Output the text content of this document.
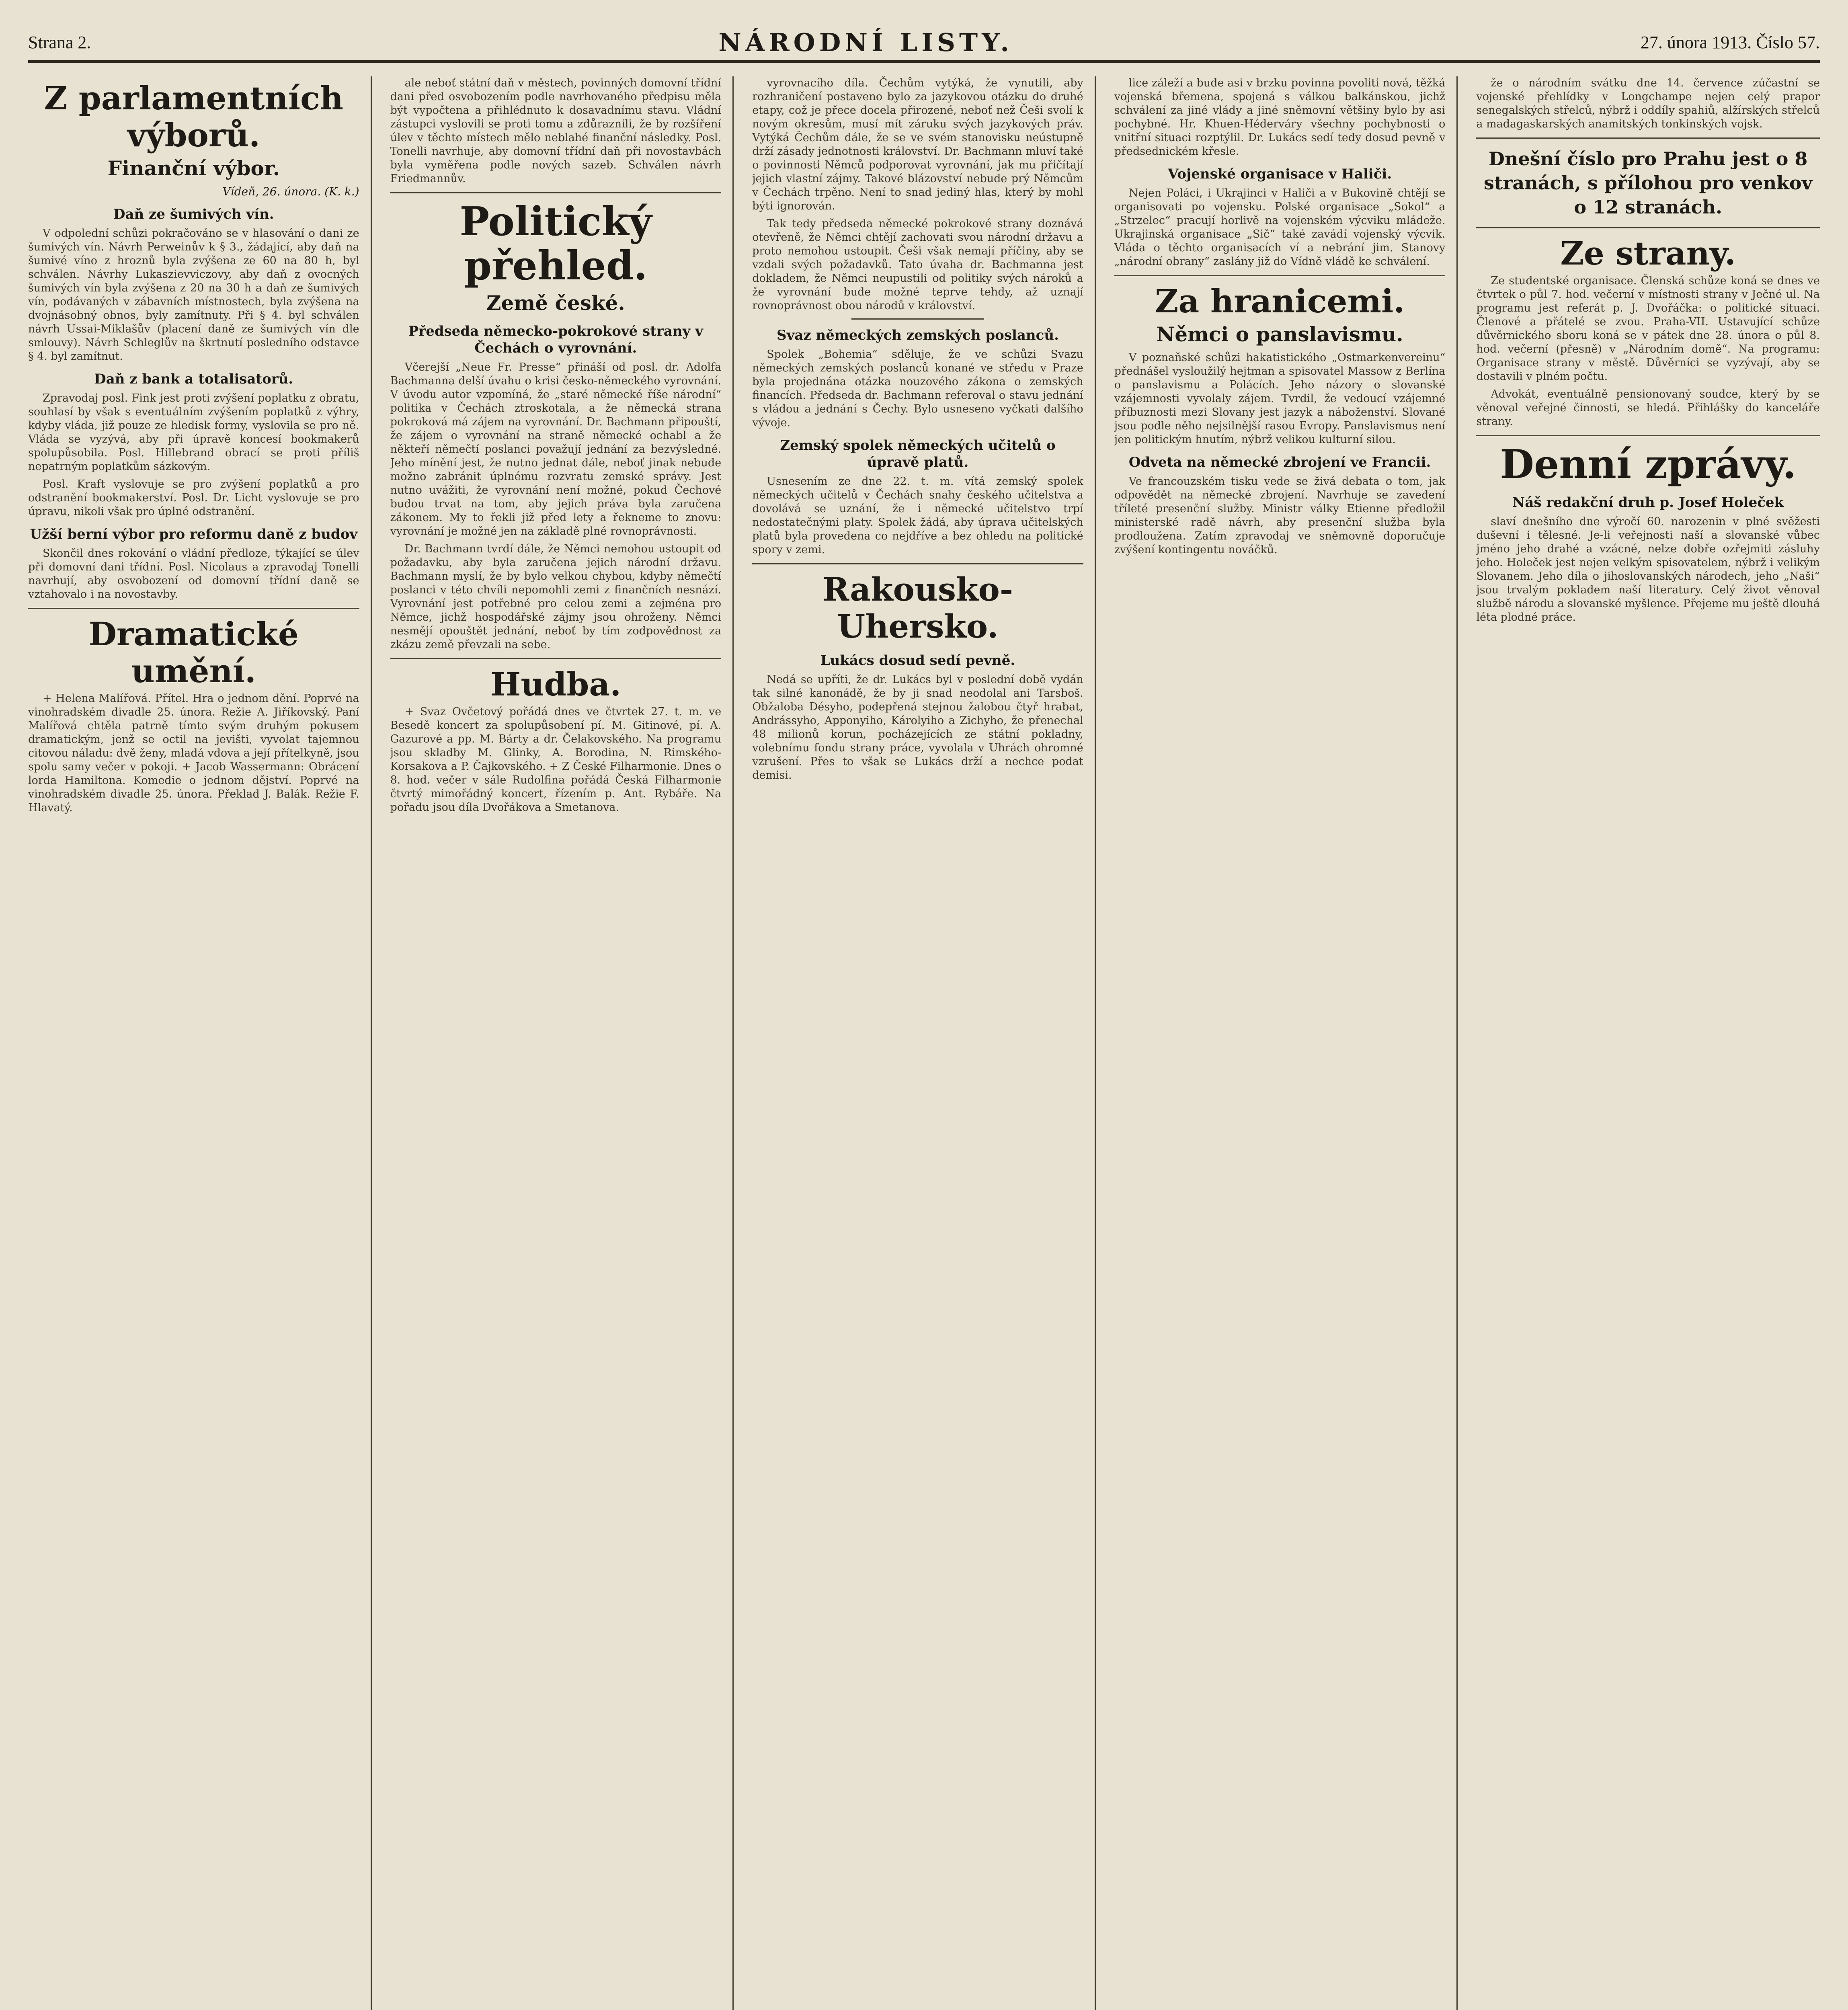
Strana 2.	NÁRODNÍ LISTY.	27. února 1913. Číslo 57.
Z parlamentních výborů.
Finanční výbor.
Vídeň, 26. února. (K. k.)
Daň ze šumivých vín.

V odpolední schůzi pokračováno se v hlasování o dani ze šumivých vín. Návrh Perweinův k § 3., žádající, aby daň na šumivé víno z hroznů byla zvýšena ze 60 na 80 h, byl schválen. Návrhy Lukaszievviczovy, aby daň z ovocných šumivých vín byla zvýšena z 20 na 30 h a daň ze šumivých vín, podávaných v zábavních místnostech, byla zvýšena na dvojnásobný obnos, byly zamítnuty. Při § 4. byl schválen návrh Ussai-Miklašův (placení daně ze šumivých vín dle smlouvy). Návrh Schleglův na škrtnutí posledního odstavce § 4. byl zamítnut.

Daň z bank a totalisatorů.

Zpravodaj posl. Fink jest proti zvýšení poplatku z obratu, souhlasí by však s eventuálním zvýšením poplatků z výhry, kdyby vláda, již pouze ze hledisk formy, vyslovila se pro ně. Vláda se vyzývá, aby při úpravě koncesí bookmakerů spolupůsobila. Posl. Hillebrand obrací se proti příliš nepatrným poplatkům sázkovým.

Posl. Kraft vyslovuje se pro zvýšení poplatků a pro odstranění bookmakerství. Posl. Dr. Licht vyslovuje se pro úpravu, nikoli však pro úplné odstranění.

Užší berní výbor pro reformu daně z budov

Skončil dnes rokování o vládní předloze, týkající se úlev při domovní dani třídní. Posl. Nicolaus a zpravodaj Tonelli navrhují, aby osvobození od domovní třídní daně se vztahovalo i na novostavby.

Dramatické umění.

+ Helena Malířová. Přítel. Hra o jednom dění. Poprvé na vinohradském divadle 25. února. Režie A. Jiříkovský. Paní Malířová chtěla patrně tímto svým druhým pokusem dramatickým, jenž se octil na jevišti, vyvolat tajemnou citovou náladu: dvě ženy, mladá vdova a její přítelkyně, jsou spolu samy večer v pokoji. + Jacob Wassermann: Obrácení lorda Hamiltona. Komedie o jednom dějství. Poprvé na vinohradském divadle 25. února. Překlad J. Balák. Režie F. Hlavatý.

ale neboť státní daň v městech, povinných domovní třídní dani před osvobozením podle navrhovaného předpisu měla být vypočtena a přihlédnuto k dosavadnímu stavu. Vládní zástupci vyslovili se proti tomu a zdůraznili, že by rozšíření úlev v těchto místech mělo neblahé finanční následky. Posl. Tonelli navrhuje, aby domovní třídní daň při novostavbách byla vyměřena podle nových sazeb. Schválen návrh Friedmannův.

Politický přehled.
Země české.
Předseda německo-pokrokové strany v Čechách o vyrovnání.

Včerejší „Neue Fr. Presse“ přináší od posl. dr. Adolfa Bachmanna delší úvahu o krisi česko-německého vyrovnání. V úvodu autor vzpomíná, že „staré německé říše národní“ politika v Čechách ztroskotala, a že německá strana pokroková má zájem na vyrovnání. Dr. Bachmann připouští, že zájem o vyrovnání na straně německé ochabl a že někteří němečtí poslanci považují jednání za bezvýsledné. Jeho mínění jest, že nutno jednat dále, neboť jinak nebude možno zabránit úplnému rozvratu zemské správy. Jest nutno uvážiti, že vyrovnání není možné, pokud Čechové budou trvat na tom, aby jejich práva byla zaručena zákonem. My to řekli již před lety a řekneme to znovu: vyrovnání je možné jen na základě plné rovnoprávnosti.

Dr. Bachmann tvrdí dále, že Němci nemohou ustoupit od požadavku, aby byla zaručena jejich národní državu. Bachmann myslí, že by bylo velkou chybou, kdyby němečtí poslanci v této chvíli nepomohli zemi z finančních nesnází. Vyrovnání jest potřebné pro celou zemi a zejména pro Němce, jichž hospodářské zájmy jsou ohroženy. Němci nesmějí opouštět jednání, neboť by tím zodpovědnost za zkázu země převzali na sebe.

Hudba.

+ Svaz Ovčetový pořádá dnes ve čtvrtek 27. t. m. ve Besedě koncert za spolupůsobení pí. M. Gitinové, pí. A. Gazurové a pp. M. Bárty a dr. Čelakovského. Na programu jsou skladby M. Glinky, A. Borodina, N. Rimského-Korsakova a P. Čajkovského. + Z České Filharmonie. Dnes o 8. hod. večer v sále Rudolfina pořádá Česká Filharmonie čtvrtý mimořádný koncert, řízením p. Ant. Rybáře. Na pořadu jsou díla Dvořákova a Smetanova.

vyrovnacího díla. Čechům vytýká, že vynutili, aby rozhraničení postaveno bylo za jazykovou otázku do druhé etapy, což je přece docela přirozené, neboť než Češi svolí k novým okresům, musí mít záruku svých jazykových práv. Vytýká Čechům dále, že se ve svém stanovisku neústupně drží zásady jednotnosti království. Dr. Bachmann mluví také o povinnosti Němců podporovat vyrovnání, jak mu přičítají jejich vlastní zájmy. Takové blázovství nebude prý Němcům v Čechách trpěno. Není to snad jediný hlas, který by mohl býti ignorován.

Tak tedy předseda německé pokrokové strany doznává otevřeně, že Němci chtějí zachovati svou národní državu a proto nemohou ustoupit. Češi však nemají příčiny, aby se vzdali svých požadavků. Tato úvaha dr. Bachmanna jest dokladem, že Němci neupustili od politiky svých nároků a že vyrovnání bude možné teprve tehdy, až uznají rovnoprávnost obou národů v království.

Svaz německých zemských poslanců.

Spolek „Bohemia“ sděluje, že ve schůzi Svazu německých zemských poslanců konané ve středu v Praze byla projednána otázka nouzového zákona o zemských financích. Předseda dr. Bachmann referoval o stavu jednání s vládou a jednání s Čechy. Bylo usneseno vyčkati dalšího vývoje.

Zemský spolek německých učitelů o úpravě platů.

Usnesením ze dne 22. t. m. vítá zemský spolek německých učitelů v Čechách snahy českého učitelstva a dovolává se uznání, že i německé učitelstvo trpí nedostatečnými platy. Spolek žádá, aby úprava učitelských platů byla provedena co nejdříve a bez ohledu na politické spory v zemi.

Rakousko-Uhersko.
Lukács dosud sedí pevně.

Nedá se upříti, že dr. Lukács byl v poslední době vydán tak silné kanonádě, že by ji snad neodolal ani Tarsboš. Obžaloba Désyho, podepřená stejnou žalobou čtyř hrabat, Andrássyho, Apponyiho, Károlyiho a Zichyho, že přenechal 48 milionů korun, pocházejících ze státní pokladny, volebnímu fondu strany práce, vyvolala v Uhrách ohromné vzrušení. Přes to však se Lukács drží a nechce podat demisi.

lice záleží a bude asi v brzku povinna povoliti nová, těžká vojenská břemena, spojená s válkou balkánskou, jichž schválení za jiné vlády a jiné sněmovní většiny bylo by asi pochybné. Hr. Khuen-Héderváry všechny pochybnosti o vnitřní situaci rozptýlil. Dr. Lukács sedí tedy dosud pevně v předsednickém křesle.

Vojenské organisace v Haliči.

Nejen Poláci, i Ukrajinci v Haliči a v Bukovině chtějí se organisovati po vojensku. Polské organisace „Sokol“ a „Strzelec“ pracují horlivě na vojenském výcviku mládeže. Ukrajinská organisace „Sič“ také zavádí vojenský výcvik. Vláda o těchto organisacích ví a nebrání jim. Stanovy „národní obrany“ zaslány již do Vídně vládě ke schválení.

Za hranicemi.
Němci o panslavismu.

V poznaňské schůzi hakatistického „Ostmarkenvereinu“ přednášel vysloužilý hejtman a spisovatel Massow z Berlína o panslavismu a Polácích. Jeho názory o slovanské vzájemnosti vyvolaly zájem. Tvrdil, že vedoucí vzájemné příbuznosti mezi Slovany jest jazyk a náboženství. Slované jsou podle něho nejsilnější rasou Evropy. Panslavismus není jen politickým hnutím, nýbrž velikou kulturní silou.

Odveta na německé zbrojení ve Francii.

Ve francouzském tisku vede se živá debata o tom, jak odpovědět na německé zbrojení. Navrhuje se zavedení tříleté presenční služby. Ministr války Etienne předložil ministerské radě návrh, aby presenční služba byla prodloužena. Zatím zpravodaj ve sněmovně doporučuje zvýšení kontingentu nováčků.

že o národním svátku dne 14. července zúčastní se vojenské přehlídky v Longchampe nejen celý prapor senegalských střelců, nýbrž i oddíly spahiů, alžírských střelců a madagaskarských anamitských tonkinských vojsk.

Dnešní číslo pro Prahu jest o 8 stranách, s přílohou pro venkov o 12 stranách.
Ze strany.

Ze studentské organisace. Členská schůze koná se dnes ve čtvrtek o půl 7. hod. večerní v místnosti strany v Ječné ul. Na programu jest referát p. J. Dvořáčka: o politické situaci. Členové a přátelé se zvou. Praha-VII. Ustavující schůze důvěrnického sboru koná se v pátek dne 28. února o půl 8. hod. večerní (přesně) v „Národním domě“. Na programu: Organisace strany v městě. Důvěrníci se vyzývají, aby se dostavili v plném počtu.

Advokát, eventuálně pensionovaný soudce, který by se věnoval veřejné činnosti, se hledá. Přihlášky do kanceláře strany.

Denní zprávy.
Náš redakční druh p. Josef Holeček

slaví dnešního dne výročí 60. narozenin v plné svěžesti duševní i tělesné. Je-li veřejnosti naší a slovanské vůbec jméno jeho drahé a vzácné, nelze dobře ozřejmiti zásluhy jeho. Holeček jest nejen velkým spisovatelem, nýbrž i velikým Slovanem. Jeho díla o jihoslovanských národech, jeho „Naši“ jsou trvalým pokladem naší literatury. Celý život věnoval službě národu a slovanské myšlence. Přejeme mu ještě dlouhá léta plodné práce.
